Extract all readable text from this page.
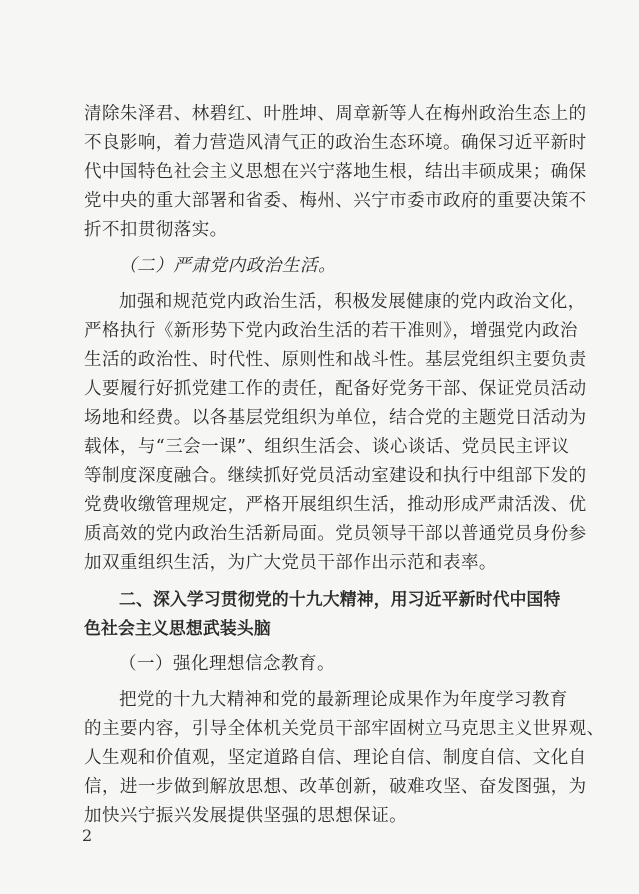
清除朱泽君、林碧红、叶胜坤、周章新等人在梅州政治生态上的
不良影响，着力营造风清气正的政治生态环境。确保习近平新时
代中国特色社会主义思想在兴宁落地生根，结出丰硕成果；确保
党中央的重大部署和省委、梅州、兴宁市委市政府的重要决策不
折不扣贯彻落实。
（二）严肃党内政治生活。
加强和规范党内政治生活，积极发展健康的党内政治文化，
严格执行《新形势下党内政治生活的若干准则》，增强党内政治
生活的政治性、时代性、原则性和战斗性。基层党组织主要负责
人要履行好抓党建工作的责任，配备好党务干部、保证党员活动
场地和经费。以各基层党组织为单位，结合党的主题党日活动为
载体，与“三会一课”、组织生活会、谈心谈话、党员民主评议
等制度深度融合。继续抓好党员活动室建设和执行中组部下发的
党费收缴管理规定，严格开展组织生活，推动形成严肃活泼、优
质高效的党内政治生活新局面。党员领导干部以普通党员身份参
加双重组织生活，为广大党员干部作出示范和表率。
二、深入学习贯彻党的十九大精神，用习近平新时代中国特
色社会主义思想武装头脑
（一）强化理想信念教育。
把党的十九大精神和党的最新理论成果作为年度学习教育
的主要内容，引导全体机关党员干部牢固树立马克思主义世界观、
人生观和价值观，坚定道路自信、理论自信、制度自信、文化自
信，进一步做到解放思想、改革创新，破难攻坚、奋发图强，为
加快兴宁振兴发展提供坚强的思想保证。
2
